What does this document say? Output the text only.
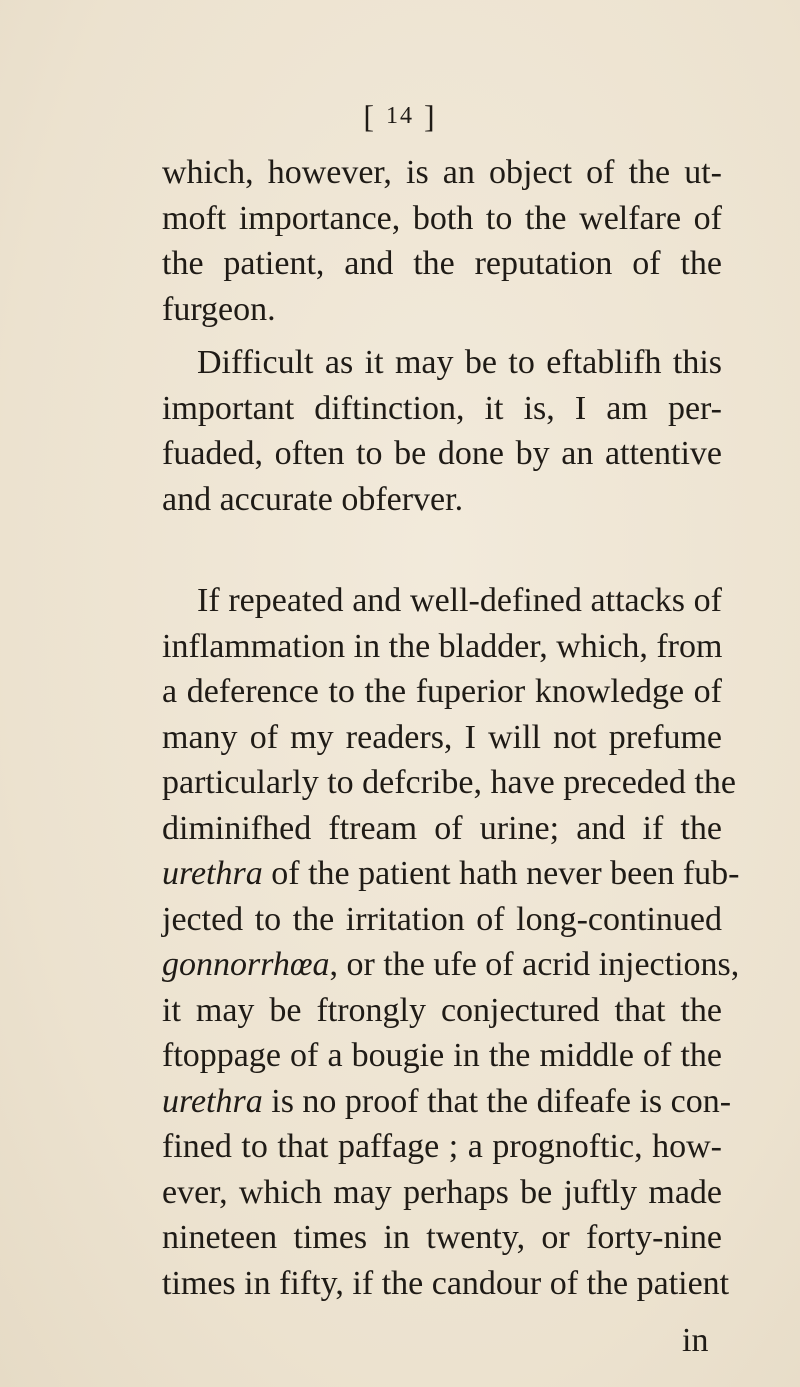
[ 14 ]
which, however, is an object of the ut-
moft importance, both to the welfare of
the patient, and the reputation of the
furgeon.
Difficult as it may be to eftablifh this
important diftinction, it is, I am per-
fuaded, often to be done by an attentive
and accurate obferver.
If repeated and well-defined attacks of
inflammation in the bladder, which, from
a deference to the fuperior knowledge of
many of my readers, I will not prefume
particularly to defcribe, have preceded the
diminifhed ftream of urine; and if the
urethra of the patient hath never been fub-
jected to the irritation of long-continued
gonnorrhœa, or the ufe of acrid injections,
it may be ftrongly conjectured that the
ftoppage of a bougie in the middle of the
urethra is no proof that the difeafe is con-
fined to that paffage ; a prognoftic, how-
ever, which may perhaps be juftly made
nineteen times in twenty, or forty-nine
times in fifty, if the candour of the patient
in
